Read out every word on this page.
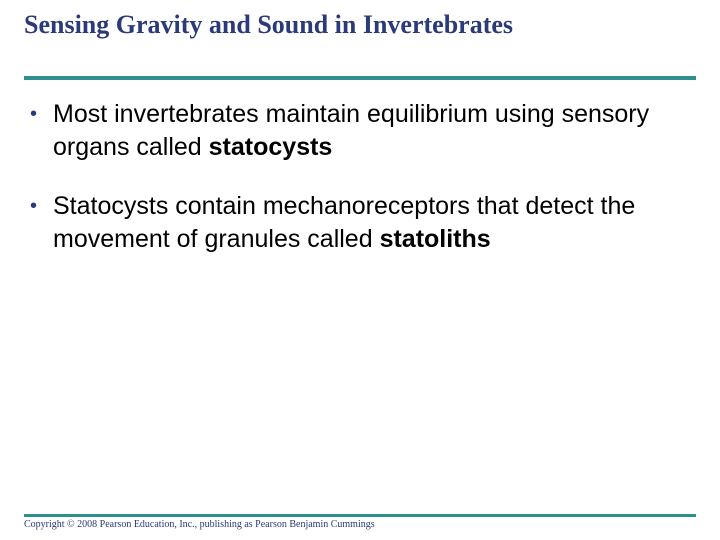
Sensing Gravity and Sound in Invertebrates
• Most invertebrates maintain equilibrium using sensory organs called statocysts
• Statocysts contain mechanoreceptors that detect the movement of granules called statoliths
Copyright © 2008 Pearson Education, Inc., publishing as Pearson Benjamin Cummings
